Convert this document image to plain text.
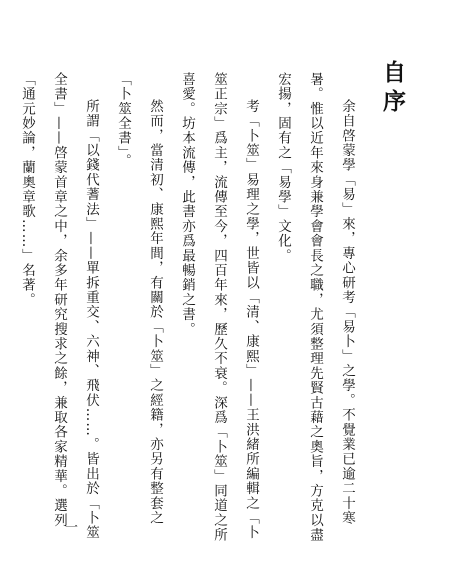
自序

余自啓蒙學「易」來，專心研考「易卜」之學。不覺業已逾二十寒暑。惟以近年來身兼學會會長之職，尤須整理先賢古藉之奧旨，方克以盡宏揚，固有之「易學」文化。

考「卜筮」易理之學，世皆以「清、康熙」——王洪緒所編輯之「卜筮正宗」爲主，流傳至今，四百年來，歷久不衰。深爲「卜筮」同道之所喜愛。坊本流傳，此書亦爲最暢銷之書。

然而，當清初、康熙年間，有關於「卜筮」之經籍，亦另有整套之「卜筮全書」。

所謂「以錢代蓍法」——單拆重交、六神、飛伏……。皆出於「卜筮全書」——啓蒙首章之中，余多年研究搜求之餘，兼取各家精華。選列「通元妙論，蘭奧章歌……」名著。

一
